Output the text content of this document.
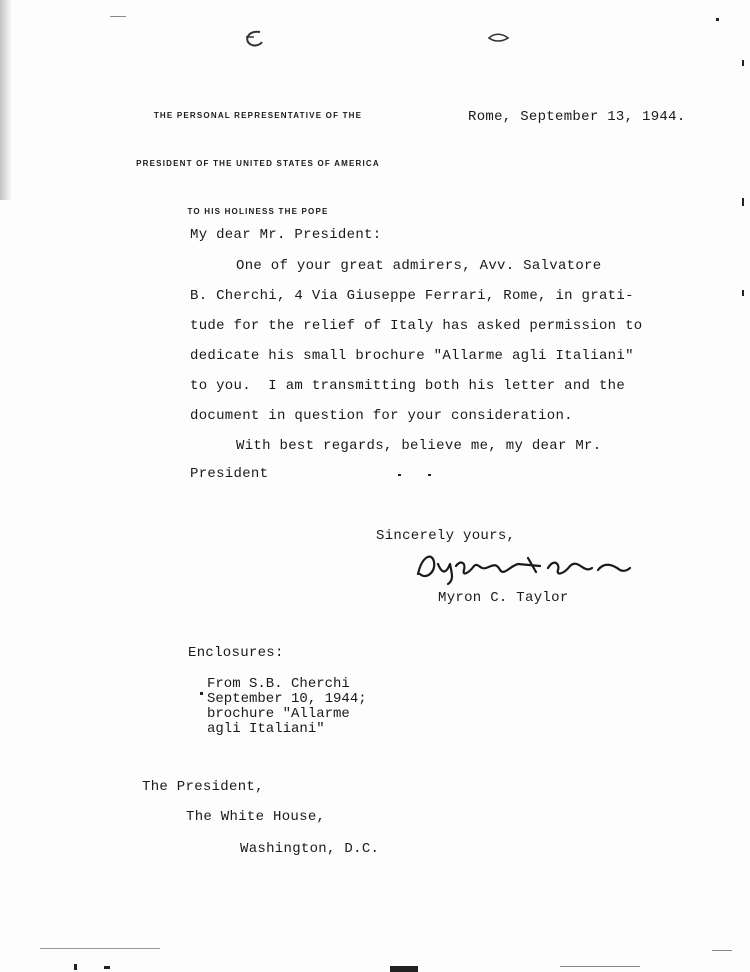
THE PERSONAL REPRESENTATIVE OF THE

PRESIDENT OF THE UNITED STATES OF AMERICA

TO HIS HOLINESS THE POPE

Rome, September 13, 1944.
My dear Mr. President:
One of your great admirers, Avv. Salvatore
B. Cherchi, 4 Via Giuseppe Ferrari, Rome, in grati-
tude for the relief of Italy has asked permission to
dedicate his small brochure "Allarme agli Italiani"
to you.  I am transmitting both his letter and the
document in question for your consideration.
With best regards, believe me, my dear Mr.
President
Sincerely yours,
Myron C. Taylor
Enclosures:
From S.B. Cherchi
September 10, 1944;
brochure "Allarme
agli Italiani"
The President,
The White House,
Washington, D.C.
